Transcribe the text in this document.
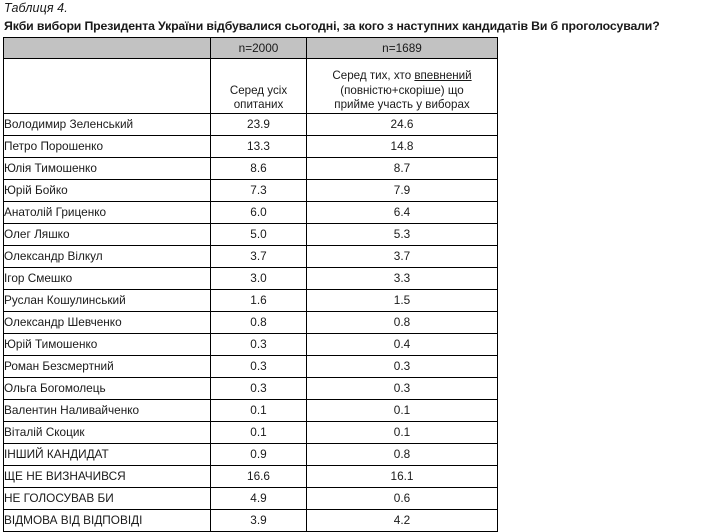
Таблиця 4.
Якби вибори Президента України відбувалися сьогодні, за кого з наступних кандидатів Ви б проголосували?
	n=2000	n=1689
	Серед усіх опитаних	Серед тих, хто впевнений
(повністю+скоріше) що
прийме участь у виборах
Володимир Зеленський	23.9	24.6
Петро Порошенко	13.3	14.8
Юлія Тимошенко	8.6	8.7
Юрій Бойко	7.3	7.9
Анатолій Гриценко	6.0	6.4
Олег Ляшко	5.0	5.3
Олександр Вілкул	3.7	3.7
Ігор Смешко	3.0	3.3
Руслан Кошулинський	1.6	1.5
Олександр Шевченко	0.8	0.8
Юрій Тимошенко	0.3	0.4
Роман Безсмертний	0.3	0.3
Ольга Богомолець	0.3	0.3
Валентин Наливайченко	0.1	0.1
Віталій Скоцик	0.1	0.1
ІНШИЙ КАНДИДАТ	0.9	0.8
ЩЕ НЕ ВИЗНАЧИВСЯ	16.6	16.1
НЕ ГОЛОСУВАВ БИ	4.9	0.6
ВІДМОВА ВІД ВІДПОВІДІ	3.9	4.2
